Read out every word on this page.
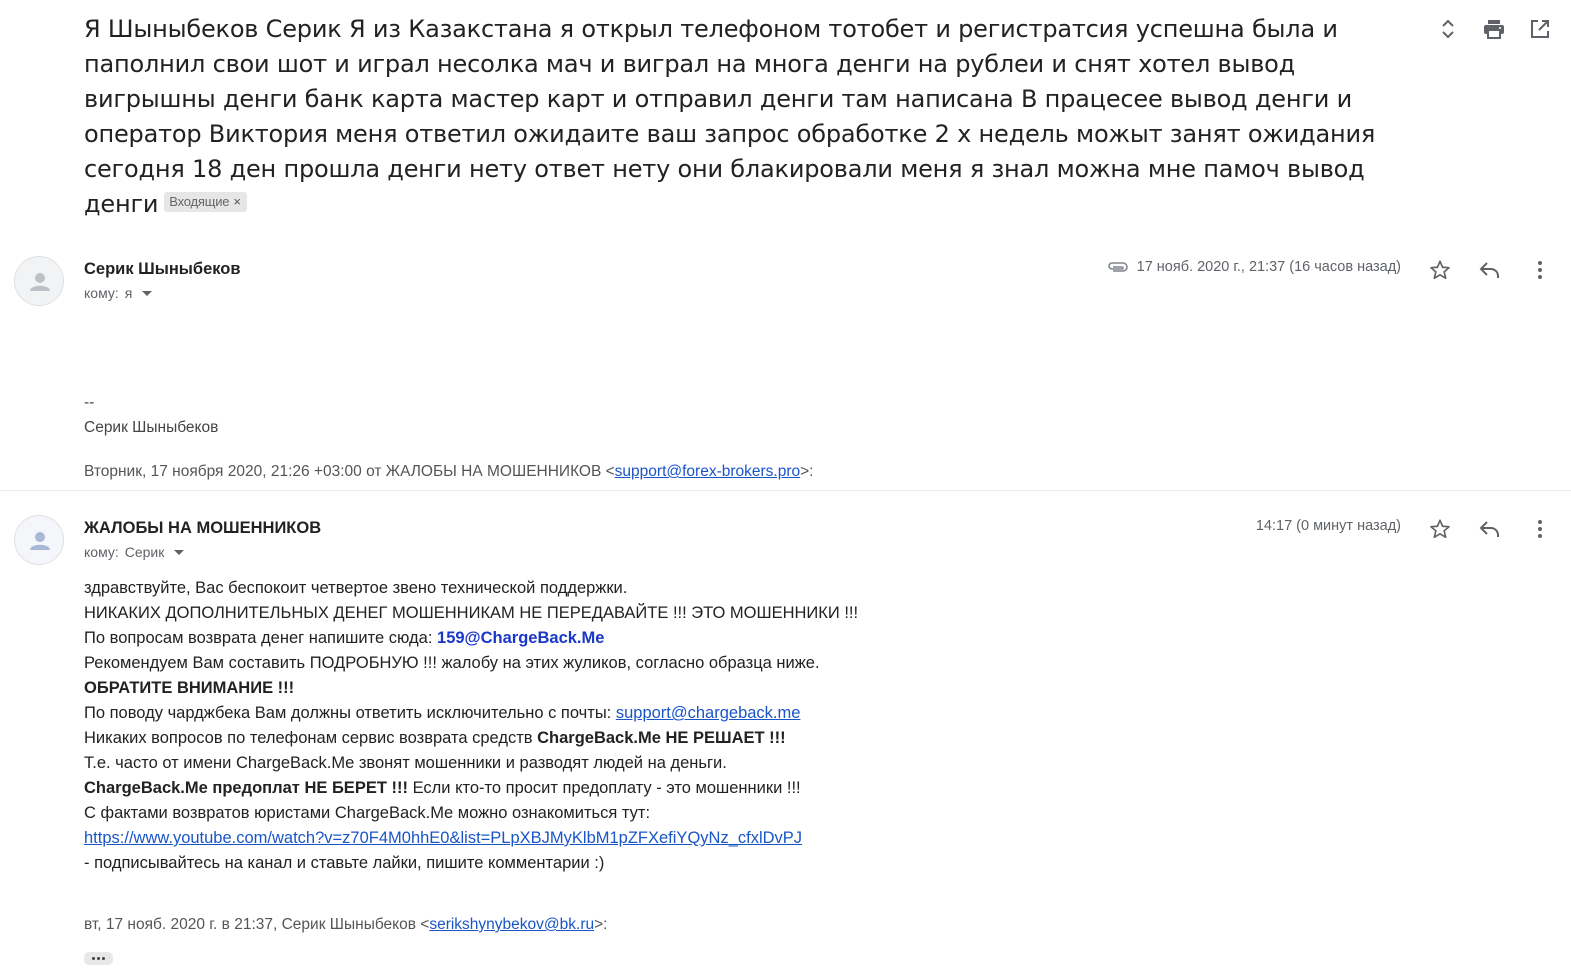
Я Шыныбеков Серик Я из Казакстана я открыл телефоном тотобет и регистратсия успешна была и паполнил свои шот и играл несолка мач и виграл на многа денги на рублеи и снят хотел вывод вигрышны денги банк карта мастер карт и отправил денги там написана В працесее вывод денги и оператор Виктория меня ответил ожидаите ваш запрос обработке 2 х недель можыт занят ожидания сегодня 18 ден прошла денги нету ответ нету они блакировали меня я знал можна мне памоч вывод денги Входящие ×
Серик Шыныбеков
кому: я
17 нояб. 2020 г., 21:37 (16 часов назад)

--

Серик Шыныбеков

Вторник, 17 ноября 2020, 21:26 +03:00 от ЖАЛОБЫ НА МОШЕННИКОВ <support@forex-brokers.pro>:
ЖАЛОБЫ НА МОШЕННИКОВ
кому: Серик
14:17 (0 минут назад)

здравствуйте, Вас беспокоит четвертое звено технической поддержки.

НИКАКИХ ДОПОЛНИТЕЛЬНЫХ ДЕНЕГ МОШЕННИКАМ НЕ ПЕРЕДАВАЙТЕ !!! ЭТО МОШЕННИКИ !!!

По вопросам возврата денег напишите сюда: 159@ChargeBack.Me

Рекомендуем Вам составить ПОДРОБНУЮ !!! жалобу на этих жуликов, согласно образца ниже.

ОБРАТИТЕ ВНИМАНИЕ !!!

По поводу чарджбека Вам должны ответить исключительно с почты: support@chargeback.me

Никаких вопросов по телефонам сервис возврата средств ChargeBack.Me НЕ РЕШАЕТ !!!

Т.е. часто от имени ChargeBack.Me звонят мошенники и разводят людей на деньги.

ChargeBack.Me предоплат НЕ БЕРЕТ !!! Если кто-то просит предоплату - это мошенники !!!

С фактами возвратов юристами ChargeBack.Me можно ознакомиться тут:

https://www.youtube.com/watch?v=z70F4M0hhE0&list=PLpXBJMyKlbM1pZFXefiYQyNz_cfxlDvPJ

- подписывайтесь на канал и ставьте лайки, пишите комментарии :)

вт, 17 нояб. 2020 г. в 21:37, Серик Шыныбеков <serikshynybekov@bk.ru>:
